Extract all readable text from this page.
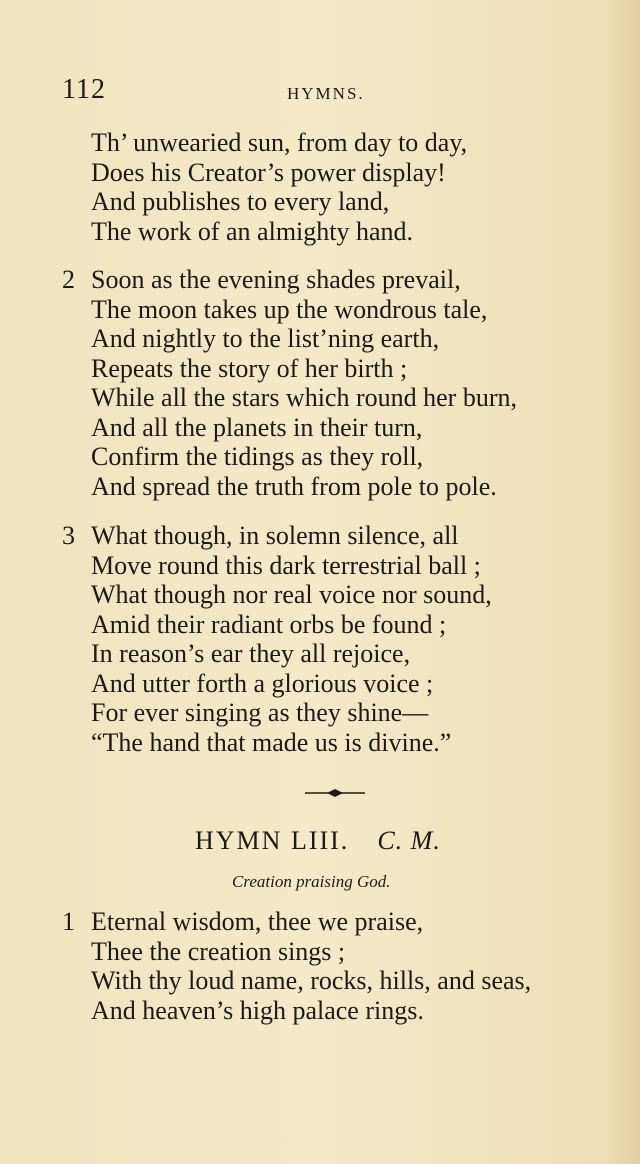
112	HYMNS.
Th’ unwearied sun, from day to day,
Does his Creator’s power display!
And publishes to every land,
The work of an almighty hand.
2 Soon as the evening shades prevail,
The moon takes up the wondrous tale,
And nightly to the list’ning earth,
Repeats the story of her birth ;
While all the stars which round her burn,
And all the planets in their turn,
Confirm the tidings as they roll,
And spread the truth from pole to pole.
3 What though, in solemn silence, all
Move round this dark terrestrial ball ;
What though nor real voice nor sound,
Amid their radiant orbs be found ;
In reason’s ear they all rejoice,
And utter forth a glorious voice ;
For ever singing as they shine—
“The hand that made us is divine.”
HYMN LIII. C. M.
Creation praising God.
1 Eternal wisdom, thee we praise,
Thee the creation sings ;
With thy loud name, rocks, hills, and seas,
And heaven’s high palace rings.
